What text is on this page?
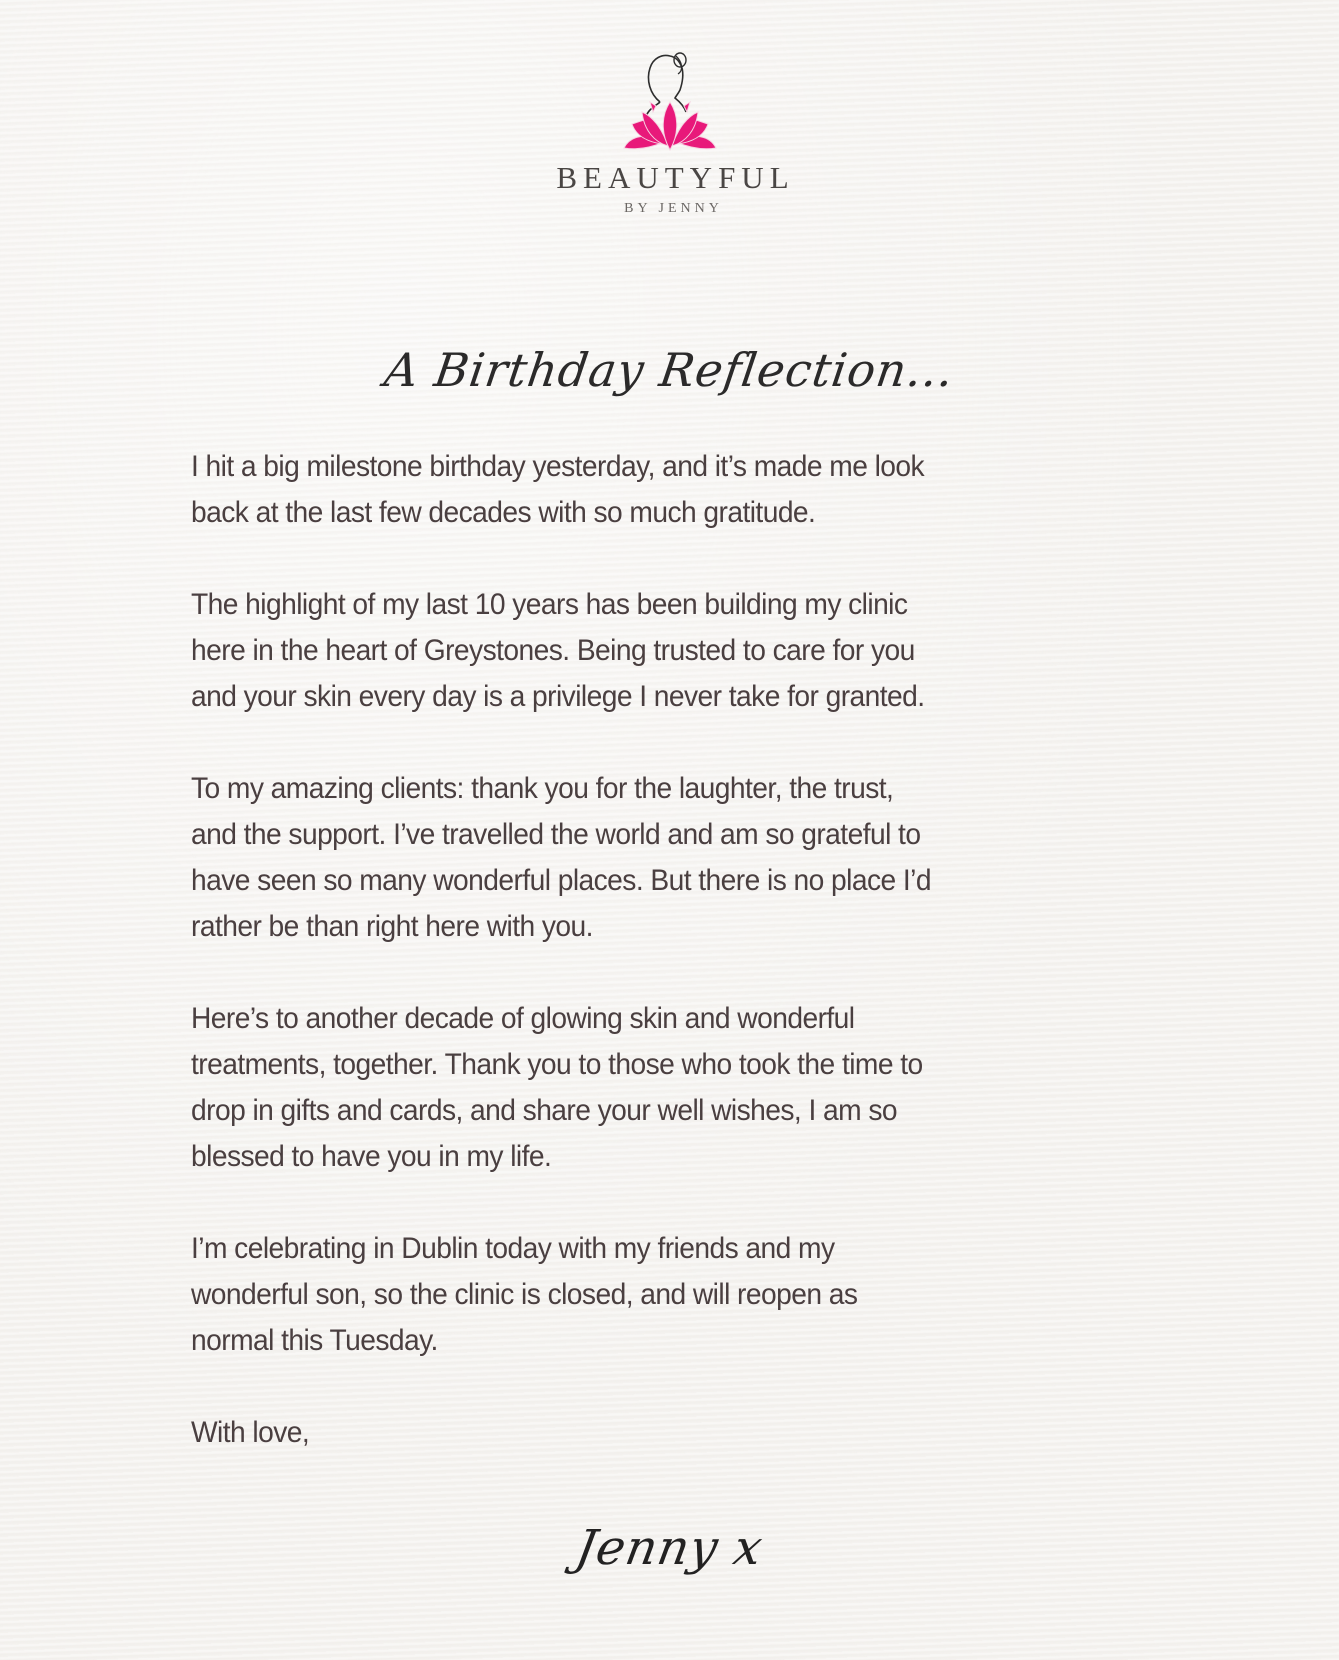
BEAUTYFUL
BY JENNY
A Birthday Reflection...

I hit a big milestone birthday yesterday, and it’s made me look
back at the last few decades with so much gratitude.

The highlight of my last 10 years has been building my clinic
here in the heart of Greystones. Being trusted to care for you
and your skin every day is a privilege I never take for granted.

To my amazing clients: thank you for the laughter, the trust,
and the support. I’ve travelled the world and am so grateful to
have seen so many wonderful places. But there is no place I’d
rather be than right here with you.

Here’s to another decade of glowing skin and wonderful
treatments, together. Thank you to those who took the time to
drop in gifts and cards, and share your well wishes, I am so
blessed to have you in my life.

I’m celebrating in Dublin today with my friends and my
wonderful son, so the clinic is closed, and will reopen as
normal this Tuesday.

With love,

Jenny x
